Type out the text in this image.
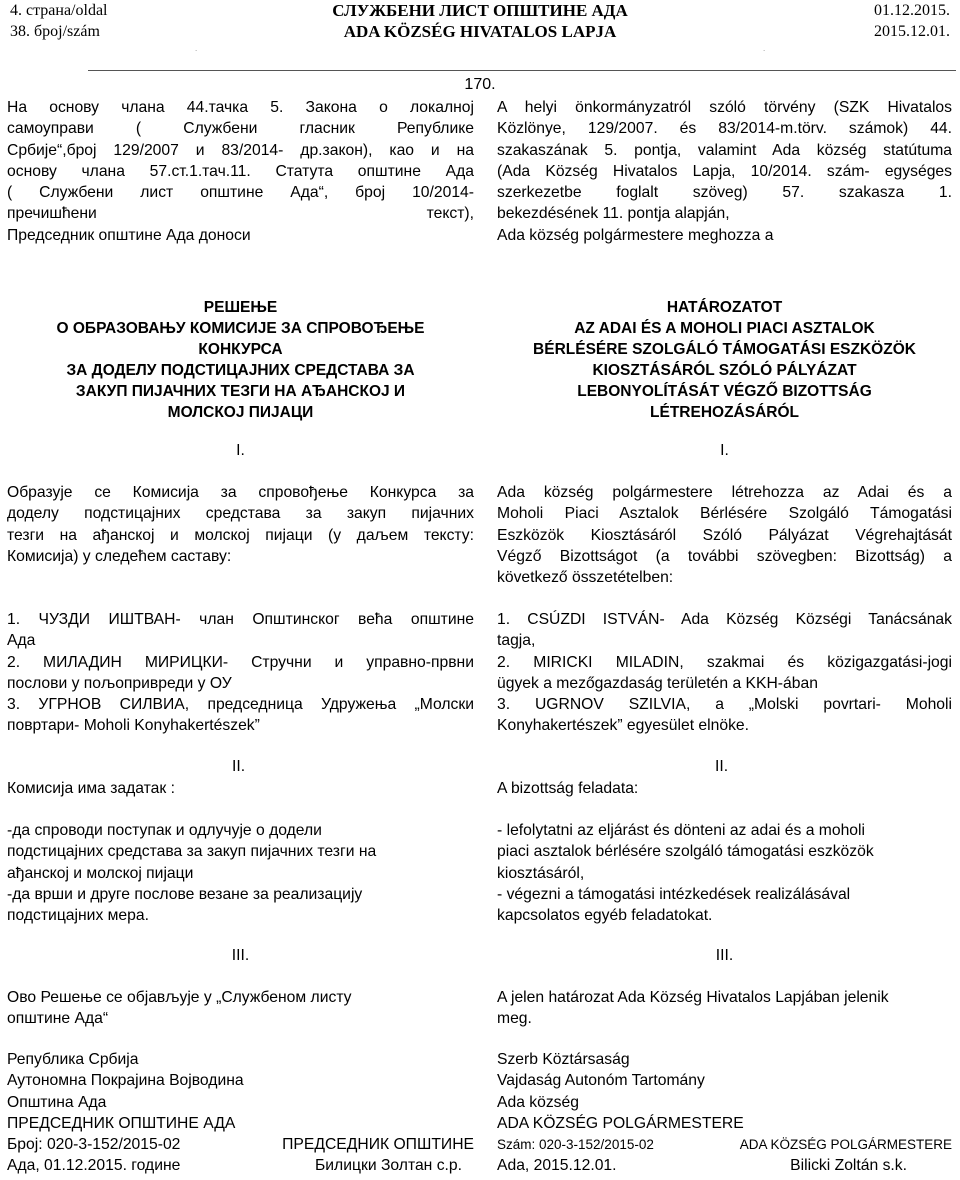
4. страна/oldal
38. број/szám
СЛУЖБЕНИ ЛИСТ ОПШТИНЕ АДА
ADA KÖZSÉG HIVATALOS LAPJA
01.12.2015.
2015.12.01.
.	.
170.
На основу члана 44.тачка 5. Закона о локалној
самоуправи ( Службени гласник Републике
Србије“,број 129/2007 и 83/2014- др.закон), као и на
основу члана 57.ст.1.тач.11. Статута општине Ада
( Службени лист општине Ада“, број 10/2014-
пречишћени текст),
Председник општине Ада доноси
A helyi önkormányzatról szóló törvény (SZK Hivatalos
Közlönye, 129/2007. és 83/2014-m.törv. számok) 44.
szakaszának 5. pontja, valamint Ada község statútuma
(Ada Község Hivatalos Lapja, 10/2014. szám- egységes
szerkezetbe foglalt szöveg) 57. szakasza 1.
bekezdésének 11. pontja alapján,
Ada község polgármestere meghozza a
РЕШЕЊЕ
О ОБРАЗОВАЊУ КОМИСИЈЕ ЗА СПРОВОЂЕЊЕ
КОНКУРСА
ЗА ДОДЕЛУ ПОДСТИЦАЈНИХ СРЕДСТАВА ЗА
ЗАКУП ПИЈАЧНИХ ТЕЗГИ НА АЂАНСКОЈ И
МОЛСКОЈ ПИЈАЦИ
HATÁROZATOT
AZ ADAI ÉS A MOHOLI PIACI ASZTALOK
BÉRLÉSÉRE SZOLGÁLÓ TÁMOGATÁSI ESZKÖZÖK
KIOSZTÁSÁRÓL SZÓLÓ PÁLYÁZAT
LEBONYOLÍTÁSÁT VÉGZŐ BIZOTTSÁG
LÉTREHOZÁSÁRÓL
I.	I.
Образује се Комисија за спровођење Конкурса за
доделу подстицајних средстава за закуп пијачних
тезги на ађанској и молској пијаци (у даљем тексту:
Комисија) у следећем саставу:
Ada község polgármestere létrehozza az Adai és a
Moholi Piaci Asztalok Bérlésére Szolgáló Támogatási
Eszközök Kiosztásáról Szóló Pályázat Végrehajtását
Végző Bizottságot (a további szövegben: Bizottság) a
következő összetételben:
1. ЧУЗДИ ИШТВАН- члан Општинског већа општине
Ада
2. МИЛАДИН МИРИЦКИ- Стручни и управно-првни
послови у пољопривреди у ОУ
3. УГРНОВ СИЛВИА, председница Удружења „Молски
повртари- Moholi Konyhakertészek”
1. CSÚZDI ISTVÁN- Ada Község Községi Tanácsának
tagja,
2. MIRICKI MILADIN, szakmai és közigazgatási-jogi
ügyek a mezőgazdaság területén a KKH-ában
3. UGRNOV SZILVIA, a „Molski povrtari- Moholi
Konyhakertészek” egyesület elnöke.
II.	II.
Комисија има задатак :	A bizottság feladata:
-да спроводи поступак и одлучује о додели
подстицајних средстава за закуп пијачних тезги на
ађанској и молској пијаци
-да врши и друге послове везане за реализацију
подстицајних мера.
- lefolytatni az eljárást és dönteni az adai és a moholi
piaci asztalok bérlésére szolgáló támogatási eszközök
kiosztásáról,
- végezni a támogatási intézkedések realizálásával
kapcsolatos egyéb feladatokat.
III.	III.
Ово Решење се објављује у „Службеном листу
општине Ада“
A jelen határozat Ada Község Hivatalos Lapjában jelenik
meg.
Република Србија
Аутономна Покрајина Војводина
Општина Ада
ПРЕДСЕДНИК ОПШТИНЕ АДА
Број: 020-3-152/2015-02	ПРЕДСЕДНИК ОПШТИНЕ
Ада, 01.12.2015. године	Билицки Золтан с.р.
Szerb Köztársaság
Vajdaság Autonóm Tartomány
Ada község
ADA KÖZSÉG POLGÁRMESTERE
Szám: 020-3-152/2015-02	ADA KÖZSÉG POLGÁRMESTERE
Ada, 2015.12.01.	Bilicki Zoltán s.k.
